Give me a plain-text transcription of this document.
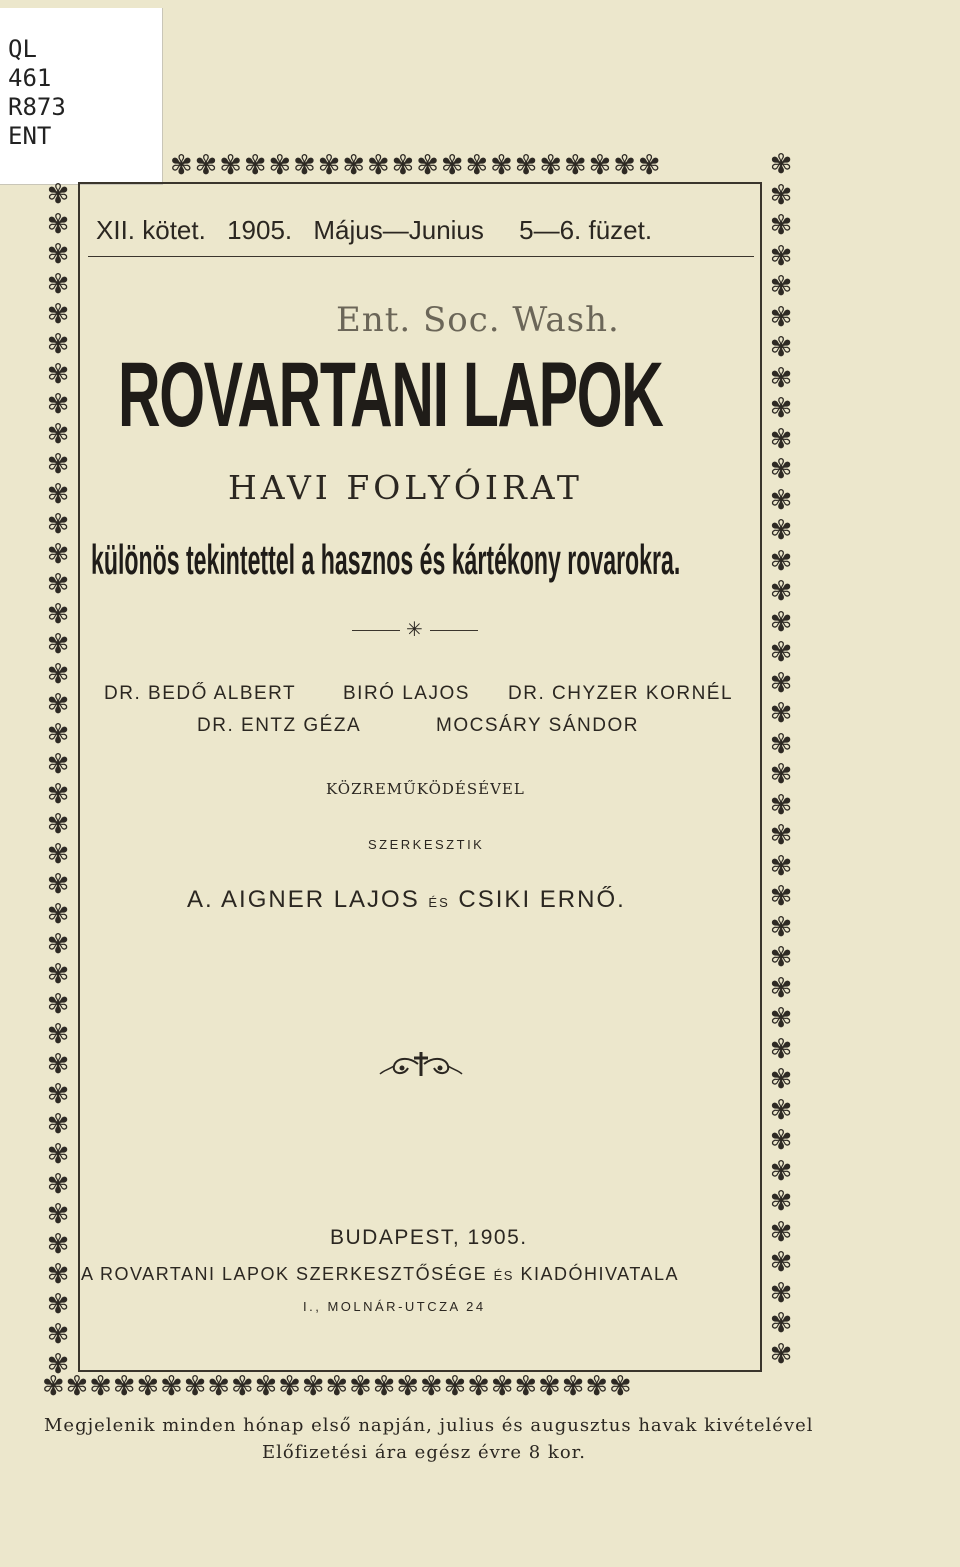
QL
461
R873
ENT
✾✾✾✾✾✾✾✾✾✾✾✾✾✾✾✾✾✾✾✾
✾✾✾✾✾✾✾✾✾✾✾✾✾✾✾✾✾✾✾✾✾✾✾✾✾✾✾✾✾✾✾✾✾✾✾✾✾✾✾✾
✾✾✾✾✾✾✾✾✾✾✾✾✾✾✾✾✾✾✾✾✾✾✾✾✾✾✾✾✾✾✾✾✾✾✾✾✾✾✾✾
✾✾✾✾✾✾✾✾✾✾✾✾✾✾✾✾✾✾✾✾✾✾✾✾✾
XII. kötet. 1905. Május—Junius 5—6. füzet.
Ent. Soc. Wash.
ROVARTANI LAPOK
HAVI FOLYÓIRAT
különös tekintettel a hasznos és kártékony rovarokra.
✳
DR. BEDŐ ALBERT BIRÓ LAJOS DR. CHYZER KORNÉL
DR. ENTZ GÉZA	MOCSÁRY SÁNDOR
KÖZREMŰKÖDÉSÉVEL
SZERKESZTIK
A. AIGNER LAJOS ÉS CSIKI ERNŐ.
BUDAPEST, 1905.
A ROVARTANI LAPOK SZERKESZTŐSÉGE ÉS KIADÓHIVATALA
I., MOLNÁR-UTCZA 24
Megjelenik minden hónap első napján, julius és augusztus havak kivételével
Előfizetési ára egész évre 8 kor.
